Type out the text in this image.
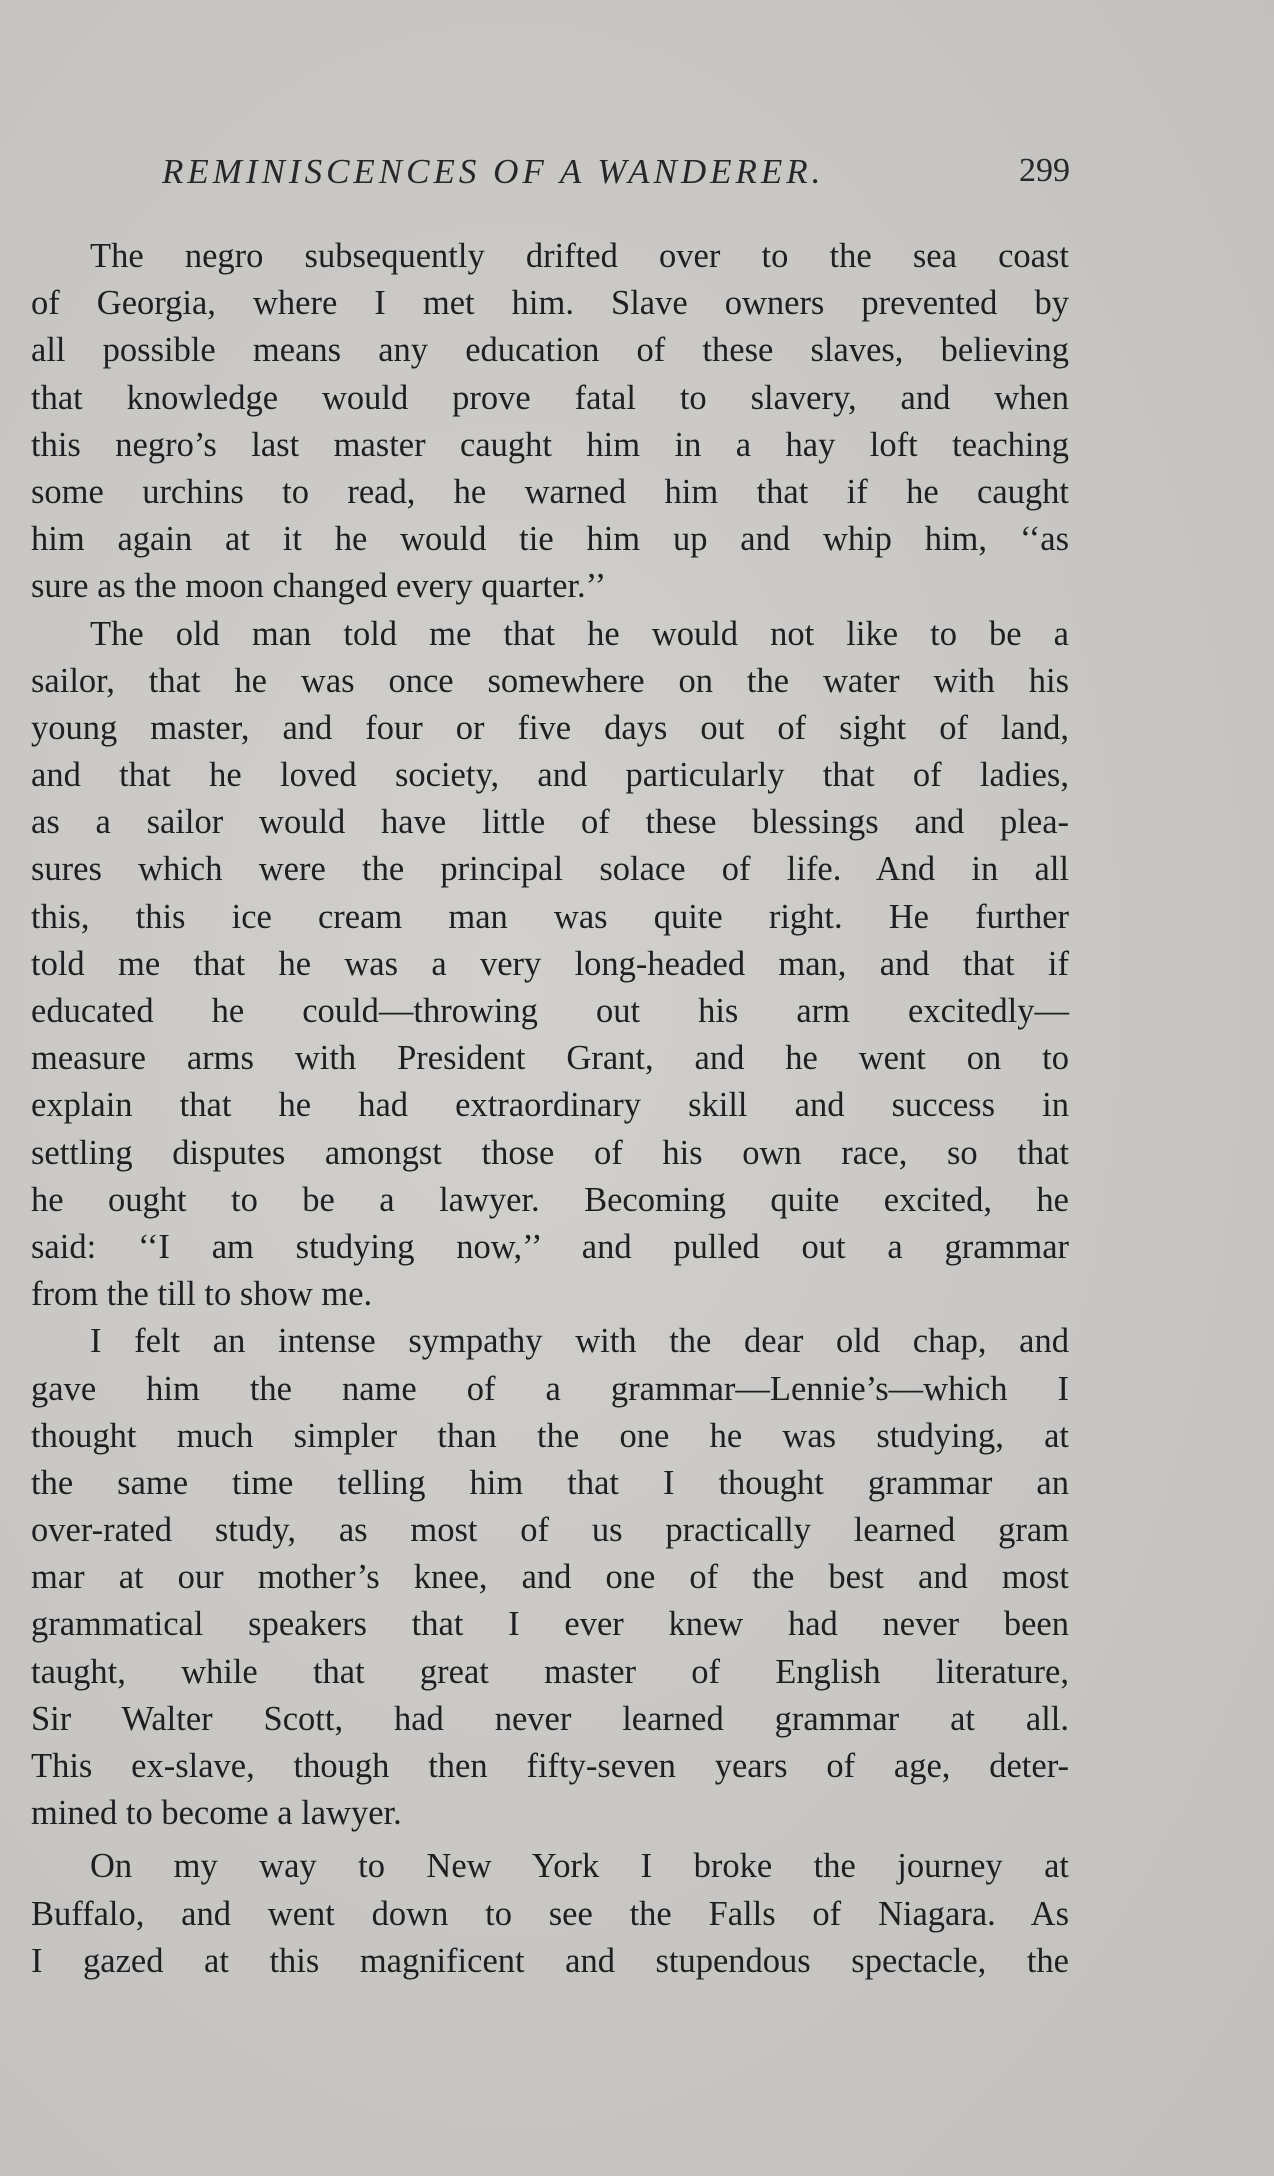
REMINISCENCES OF A WANDERER.	299
The negro subsequently drifted over to the sea coast
of Georgia, where I met him. Slave owners prevented by
all possible means any education of these slaves, believing
that knowledge would prove fatal to slavery, and when
this negro’s last master caught him in a hay loft teaching
some urchins to read, he warned him that if he caught
him again at it he would tie him up and whip him, ‘‘as
sure as the moon changed every quarter.’’
The old man told me that he would not like to be a
sailor, that he was once somewhere on the water with his
young master, and four or five days out of sight of land,
and that he loved society, and particularly that of ladies,
as a sailor would have little of these blessings and plea-
sures which were the principal solace of life. And in all
this, this ice cream man was quite right. He further
told me that he was a very long-headed man, and that if
educated he could—throwing out his arm excitedly—
measure arms with President Grant, and he went on to
explain that he had extraordinary skill and success in
settling disputes amongst those of his own race, so that
he ought to be a lawyer. Becoming quite excited, he
said: ‘‘I am studying now,’’ and pulled out a grammar
from the till to show me.
I felt an intense sympathy with the dear old chap, and
gave him the name of a grammar—Lennie’s—which I
thought much simpler than the one he was studying, at
the same time telling him that I thought grammar an
over-rated study, as most of us practically learned gram
mar at our mother’s knee, and one of the best and most
grammatical speakers that I ever knew had never been
taught, while that great master of English literature,
Sir Walter Scott, had never learned grammar at all.
This ex-slave, though then fifty-seven years of age, deter-
mined to become a lawyer.
On my way to New York I broke the journey at
Buffalo, and went down to see the Falls of Niagara. As
I gazed at this magnificent and stupendous spectacle, the
